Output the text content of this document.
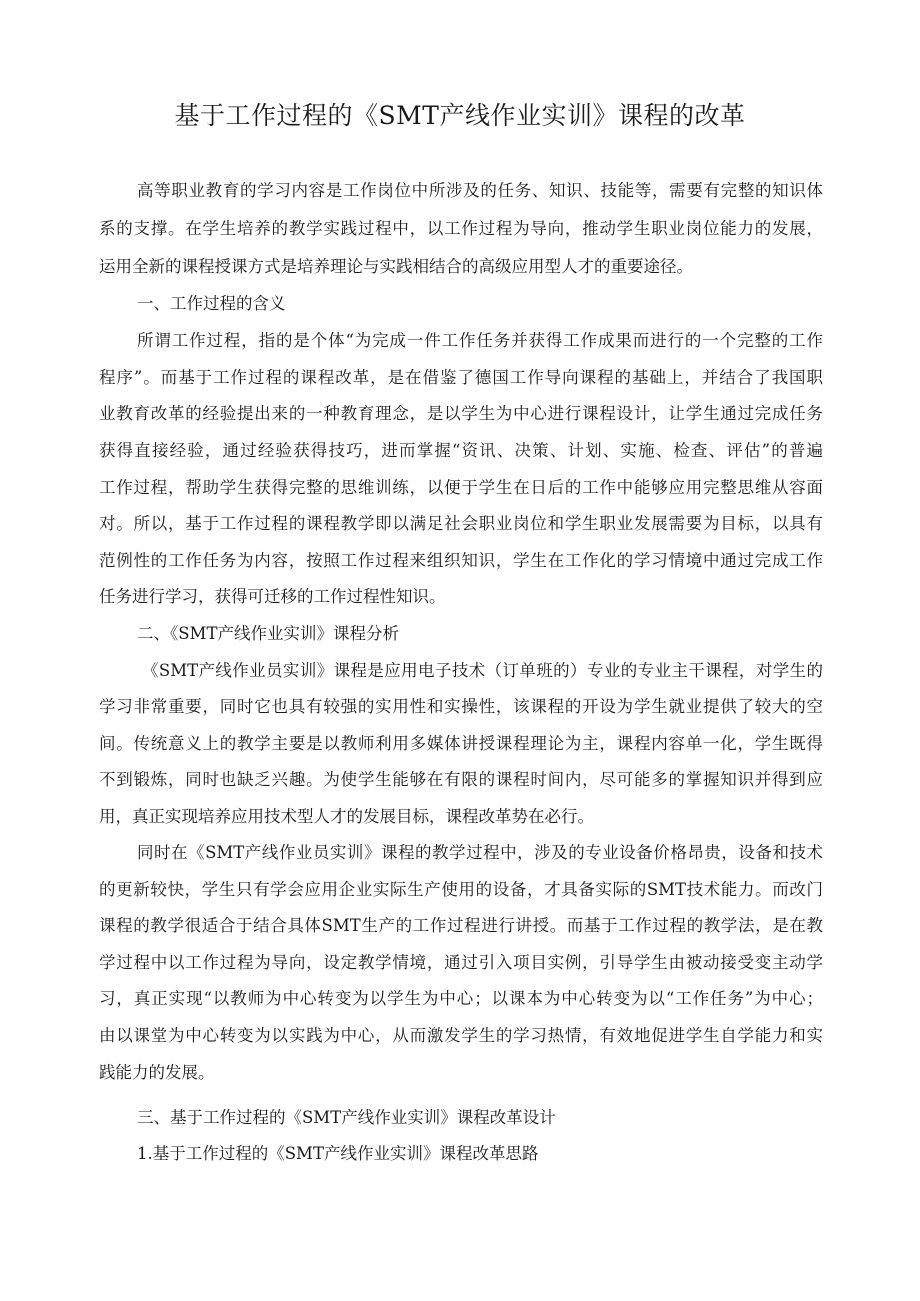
基于工作过程的《SMT产线作业实训》课程的改革
高等职业教育的学习内容是工作岗位中所涉及的任务、知识、技能等，需要有完整的知识体
系的支撑。在学生培养的教学实践过程中，以工作过程为导向，推动学生职业岗位能力的发展，
运用全新的课程授课方式是培养理论与实践相结合的高级应用型人才的重要途径。
一、工作过程的含义
所谓工作过程，指的是个体“为完成一件工作任务并获得工作成果而进行的一个完整的工作
程序”。而基于工作过程的课程改革，是在借鉴了德国工作导向课程的基础上，并结合了我国职
业教育改革的经验提出来的一种教育理念，是以学生为中心进行课程设计，让学生通过完成任务
获得直接经验，通过经验获得技巧，进而掌握“资讯、决策、计划、实施、检查、评估”的普遍
工作过程，帮助学生获得完整的思维训练，以便于学生在日后的工作中能够应用完整思维从容面
对。所以，基于工作过程的课程教学即以满足社会职业岗位和学生职业发展需要为目标，以具有
范例性的工作任务为内容，按照工作过程来组织知识，学生在工作化的学习情境中通过完成工作
任务进行学习，获得可迁移的工作过程性知识。
二、《SMT产线作业实训》课程分析
《SMT产线作业员实训》课程是应用电子技术（订单班的）专业的专业主干课程，对学生的
学习非常重要，同时它也具有较强的实用性和实操性，该课程的开设为学生就业提供了较大的空
间。传统意义上的教学主要是以教师利用多媒体讲授课程理论为主，课程内容单一化，学生既得
不到锻炼，同时也缺乏兴趣。为使学生能够在有限的课程时间内，尽可能多的掌握知识并得到应
用，真正实现培养应用技术型人才的发展目标，课程改革势在必行。
同时在《SMT产线作业员实训》课程的教学过程中，涉及的专业设备价格昂贵，设备和技术
的更新较快，学生只有学会应用企业实际生产使用的设备，才具备实际的SMT技术能力。而改门
课程的教学很适合于结合具体SMT生产的工作过程进行讲授。而基于工作过程的教学法，是在教
学过程中以工作过程为导向，设定教学情境，通过引入项目实例，引导学生由被动接受变主动学
习，真正实现“以教师为中心转变为以学生为中心；以课本为中心转变为以“工作任务”为中心；
由以课堂为中心转变为以实践为中心，从而激发学生的学习热情，有效地促进学生自学能力和实
践能力的发展。
三、基于工作过程的《SMT产线作业实训》课程改革设计
1.基于工作过程的《SMT产线作业实训》课程改革思路
